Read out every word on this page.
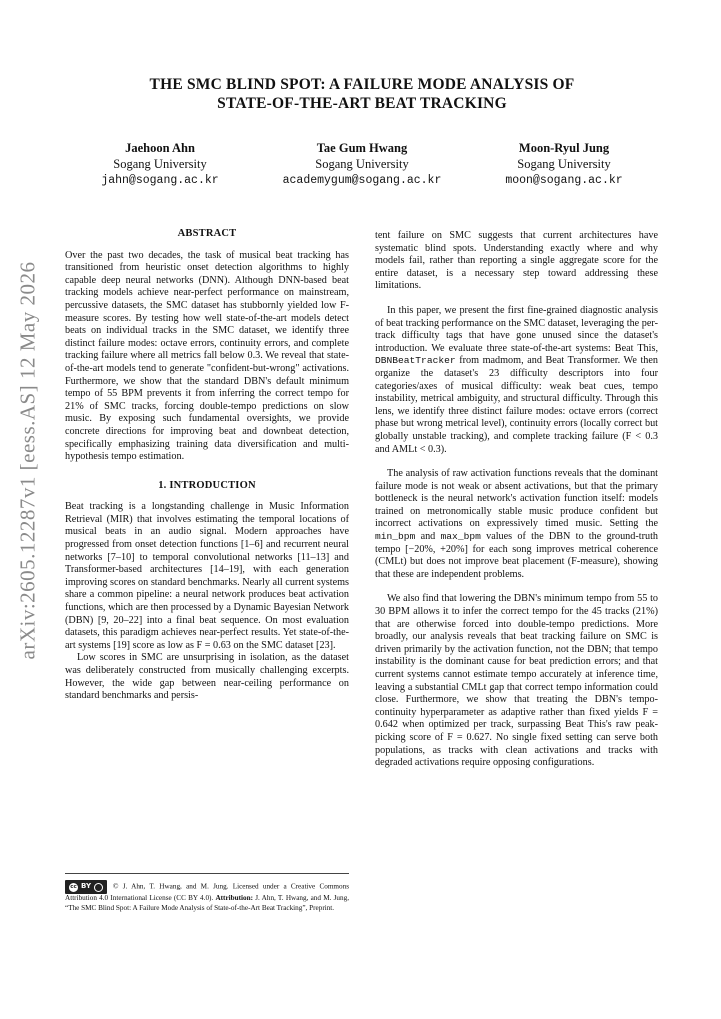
arXiv:2605.12287v1 [eess.AS] 12 May 2026
THE SMC BLIND SPOT: A FAILURE MODE ANALYSIS OF
STATE-OF-THE-ART BEAT TRACKING
Jaehoon Ahn
Sogang University
jahn@sogang.ac.kr
Tae Gum Hwang
Sogang University
academygum@sogang.ac.kr
Moon-Ryul Jung
Sogang University
moon@sogang.ac.kr
ABSTRACT

Over the past two decades, the task of musical beat tracking has transitioned from heuristic onset detection algorithms to highly capable deep neural networks (DNN). Although DNN-based beat tracking models achieve near-perfect performance on mainstream, percussive datasets, the SMC dataset has stubbornly yielded low F-measure scores. By testing how well state-of-the-art models detect beats on individual tracks in the SMC dataset, we identify three distinct failure modes: octave errors, continuity errors, and complete tracking failure where all metrics fall below 0.3. We reveal that state-of-the-art models tend to generate "confident-but-wrong" activations. Furthermore, we show that the standard DBN's default minimum tempo of 55 BPM prevents it from inferring the correct tempo for 21% of SMC tracks, forcing double-tempo predictions on slow music. By exposing such fundamental oversights, we provide concrete directions for improving beat and downbeat detection, specifically emphasizing training data diversification and multi-hypothesis tempo estimation.

1. INTRODUCTION

Beat tracking is a longstanding challenge in Music Information Retrieval (MIR) that involves estimating the temporal locations of musical beats in an audio signal. Modern approaches have progressed from onset detection functions [1–6] and recurrent neural networks [7–10] to temporal convolutional networks [11–13] and Transformer-based architectures [14–19], with each generation improving scores on standard benchmarks. Nearly all current systems share a common pipeline: a neural network produces beat activation functions, which are then processed by a Dynamic Bayesian Network (DBN) [9, 20–22] into a final beat sequence. On most evaluation datasets, this paradigm achieves near-perfect results. Yet state-of-the-art systems [19] score as low as F = 0.63 on the SMC dataset [23].

Low scores in SMC are unsurprising in isolation, as the dataset was deliberately constructed from musically challenging excerpts. However, the wide gap between near-ceiling performance on standard benchmarks and persis-

tent failure on SMC suggests that current architectures have systematic blind spots. Understanding exactly where and why models fail, rather than reporting a single aggregate score for the entire dataset, is a necessary step toward addressing these limitations.

In this paper, we present the first fine-grained diagnostic analysis of beat tracking performance on the SMC dataset, leveraging the per-track difficulty tags that have gone unused since the dataset's introduction. We evaluate three state-of-the-art systems: Beat This, DBNBeatTracker from madmom, and Beat Transformer. We then organize the dataset's 23 difficulty descriptors into four categories/axes of musical difficulty: weak beat cues, tempo instability, metrical ambiguity, and structural difficulty. Through this lens, we identify three distinct failure modes: octave errors (correct phase but wrong metrical level), continuity errors (locally correct but globally unstable tracking), and complete tracking failure (F < 0.3 and AMLt < 0.3).

The analysis of raw activation functions reveals that the dominant failure mode is not weak or absent activations, but that the primary bottleneck is the neural network's activation function itself: models trained on metronomically stable music produce confident but incorrect activations on expressively timed music. Setting the min_bpm and max_bpm values of the DBN to the ground-truth tempo [−20%, +20%] for each song improves metrical coherence (CMLt) but does not improve beat placement (F-measure), showing that these are independent problems.

We also find that lowering the DBN's minimum tempo from 55 to 30 BPM allows it to infer the correct tempo for the 45 tracks (21%) that are otherwise forced into double-tempo predictions. More broadly, our analysis reveals that beat tracking failure on SMC is driven primarily by the activation function, not the DBN; that tempo instability is the dominant cause for beat prediction errors; and that current systems cannot estimate tempo accurately at inference time, leaving a substantial CMLt gap that correct tempo information could close. Furthermore, we show that treating the DBN's tempo-continuity hyperparameter as adaptive rather than fixed yields F = 0.642 when optimized per track, surpassing Beat This's raw peak-picking score of F = 0.627. No single fixed setting can serve both populations, as tracks with clean activations and tracks with degraded activations require opposing configurations.

cc BY	© J. Ahn, T. Hwang, and M. Jung. Licensed under a Creative Commons Attribution 4.0 International License (CC BY 4.0). Attribution: J. Ahn, T. Hwang, and M. Jung, “The SMC Blind Spot: A Failure Mode Analysis of State-of-the-Art Beat Tracking”, Preprint.
